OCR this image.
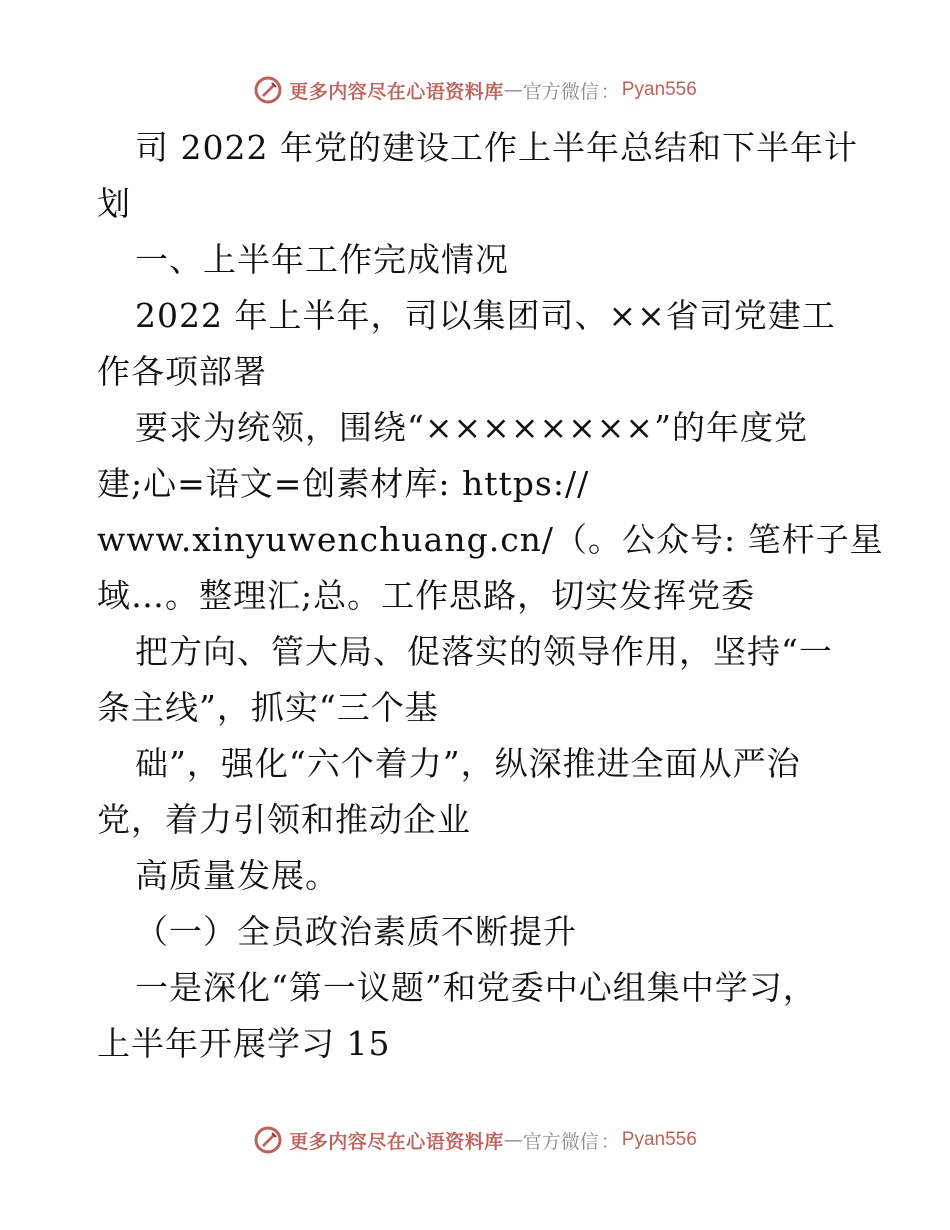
更多内容尽在心语资料库 — 官方微信 ： Pyan556
司 2022 年党的建设工作上半年总结和下半年计
划
一、上半年工作完成情况
2022 年上半年，司以集团司、××省司党建工
作各项部署
要求为统领，围绕“××××××××”的年度党
建;心=语文=创素材库: https://
www.xinyuwenchuang.cn/（。公众号: 笔杆子星
域…。整理汇;总。工作思路，切实发挥党委
把方向、管大局、促落实的领导作用，坚持“一
条主线”，抓实“三个基
础”，强化“六个着力”，纵深推进全面从严治
党，着力引领和推动企业
高质量发展。
（一）全员政治素质不断提升
一是深化“第一议题”和党委中心组集中学习，
上半年开展学习 15
更多内容尽在心语资料库 — 官方微信 ： Pyan556
